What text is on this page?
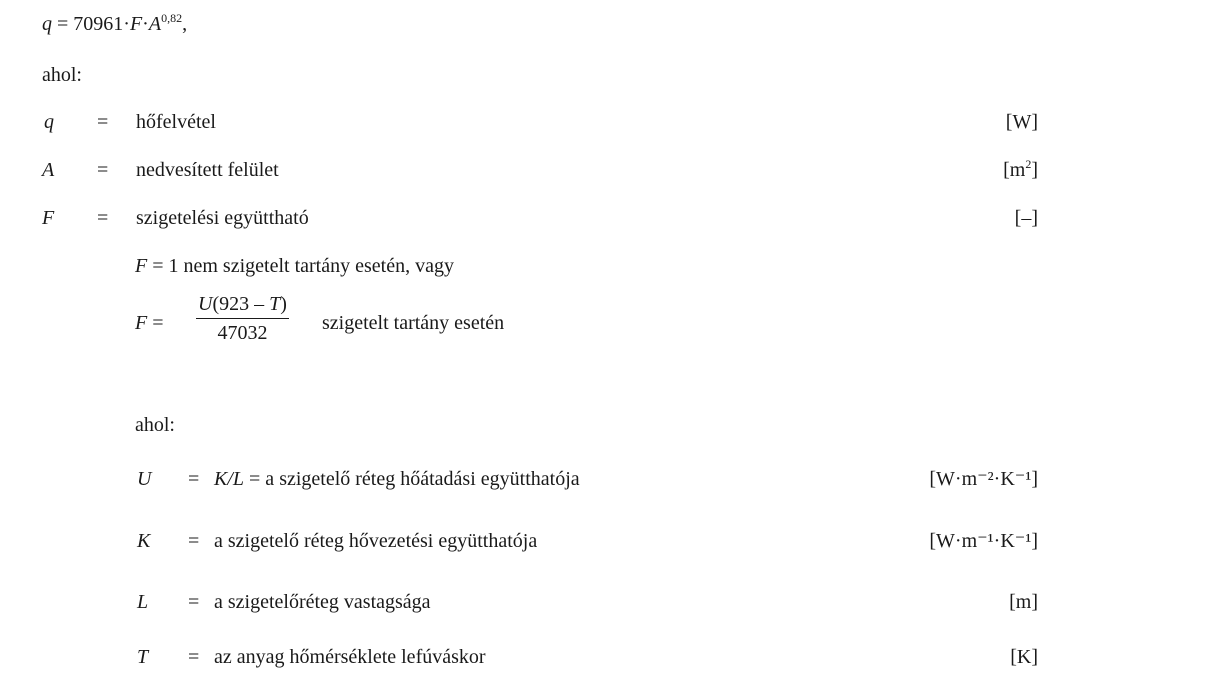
$q = 70961\cdot F\cdot A^{0,82}$,
ahol:
q = hőfelvétel	[W]
A = nedvesített felület	$[m^2]$
F = szigetelési együttható	[–]
F = 1 nem szigetelt tartány esetén, vagy
$F = \frac{U(923 - T)}{47032}$ szigetelt tartány esetén
ahol:
U = K/L = a szigetelő réteg hőátadási együtthatója	[W·m⁻²·K⁻¹]
K = a szigetelő réteg hővezetési együtthatója	[W·m⁻¹·K⁻¹]
L = a szigetelőréteg vastagsága	[m]
T = az anyag hőmérséklete lefúváskor	[K]
